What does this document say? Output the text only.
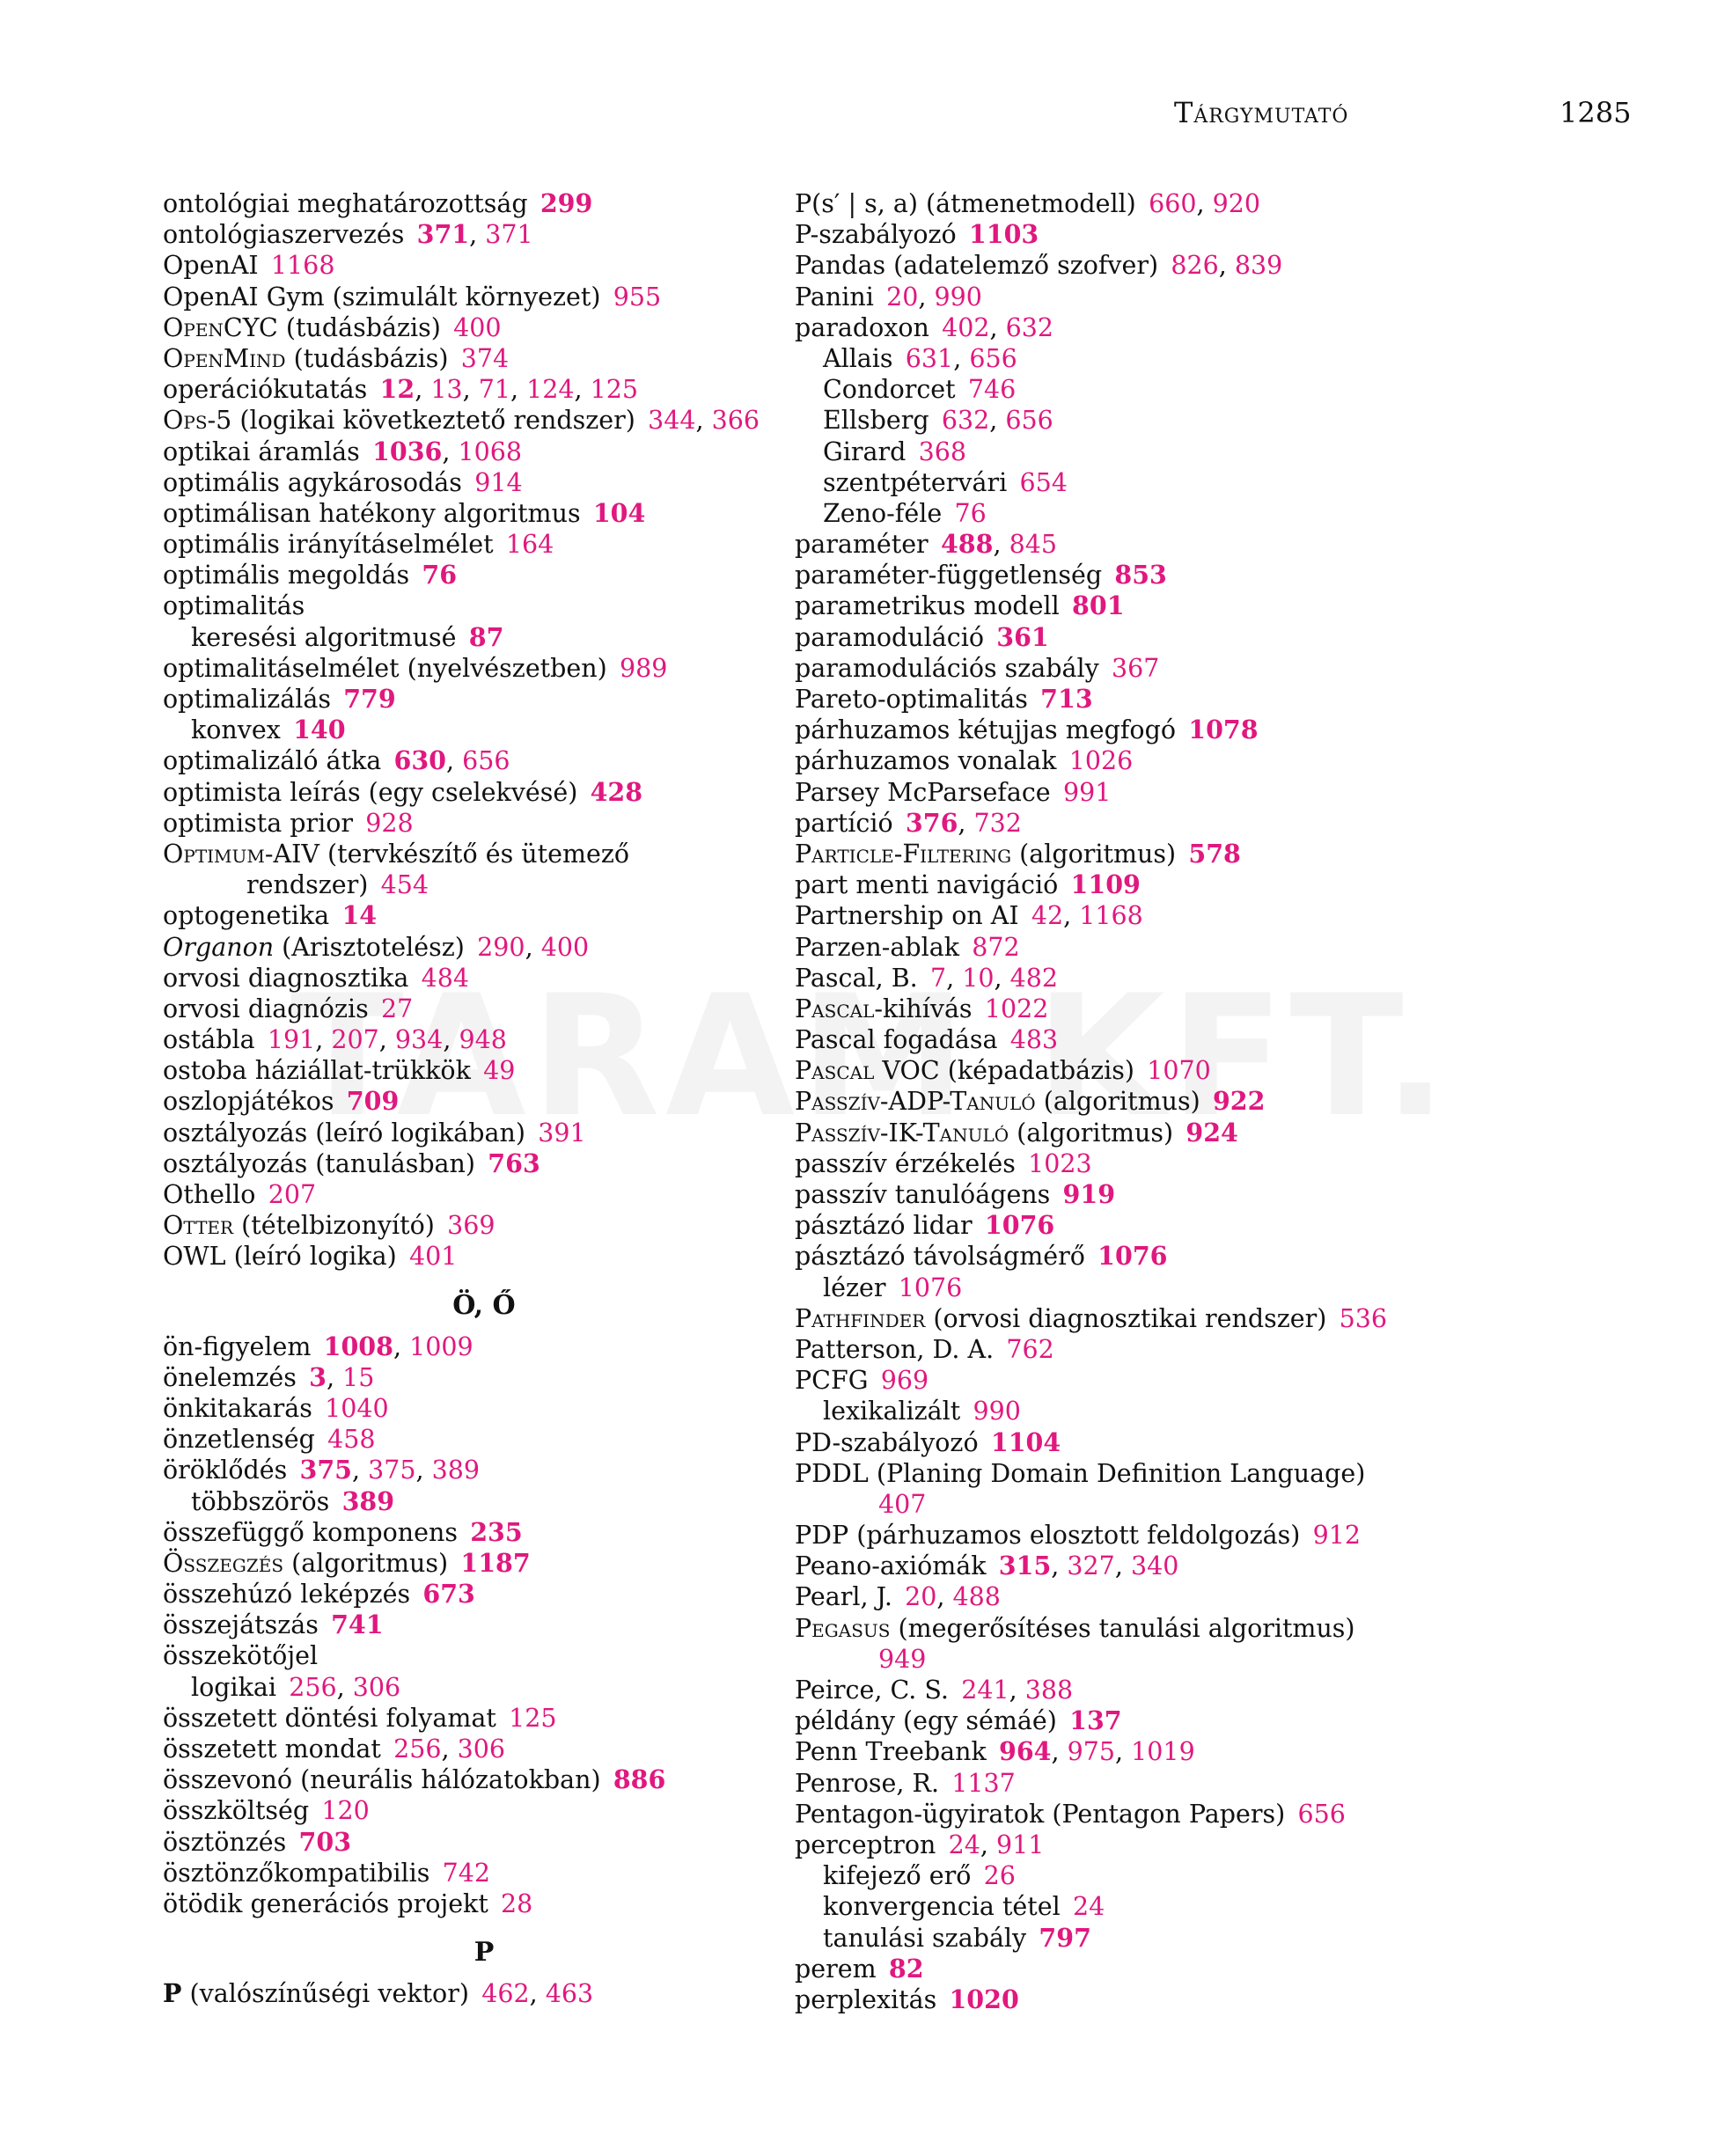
Tárgymutató	1285
ontológiai meghatározottság  299
ontológiaszervezés  371, 371
OpenAI  1168
OpenAI Gym (szimulált környezet)  955
OpenCYC (tudásbázis)  400
OpenMind (tudásbázis)  374
operációkutatás  12, 13, 71, 124, 125
Ops-5 (logikai következtető rendszer)  344, 366
optikai áramlás  1036, 1068
optimális agykárosodás  914
optimálisan hatékony algoritmus  104
optimális irányításelmélet  164
optimális megoldás  76
optimalitás
keresési algoritmusé  87
optimalitáselmélet (nyelvészetben)  989
optimalizálás  779
konvex  140
optimalizáló átka  630, 656
optimista leírás (egy cselekvésé)  428
optimista prior  928
Optimum-AIV (tervkészítő és ütemező
rendszer)  454
optogenetika  14
Organon (Arisztotelész)  290, 400
orvosi diagnosztika  484
orvosi diagnózis  27
ostábla  191, 207, 934, 948
ostoba háziállat-trükkök  49
oszlopjátékos  709
osztályozás (leíró logikában)  391
osztályozás (tanulásban)  763
Othello  207
Otter (tételbizonyító)  369
OWL (leíró logika)  401
Ö, Ő
ön-figyelem  1008, 1009
önelemzés  3, 15
önkitakarás  1040
önzetlenség  458
öröklődés  375, 375, 389
többszörös  389
összefüggő komponens  235
Összegzés (algoritmus)  1187
összehúzó leképzés  673
összejátszás  741
összekötőjel
logikai  256, 306
összetett döntési folyamat  125
összetett mondat  256, 306
összevonó (neurális hálózatokban)  886
összköltség  120
ösztönzés  703
ösztönzőkompatibilis  742
ötödik generációs projekt  28
P
P (valószínűségi vektor)  462, 463
P(s′ | s, a) (átmenetmodell)  660, 920
P-szabályozó  1103
Pandas (adatelemző szofver)  826, 839
Panini  20, 990
paradoxon  402, 632
Allais  631, 656
Condorcet  746
Ellsberg  632, 656
Girard  368
szentpétervári  654
Zeno-féle  76
paraméter  488, 845
paraméter-függetlenség  853
parametrikus modell  801
paramoduláció  361
paramodulációs szabály  367
Pareto-optimalitás  713
párhuzamos kétujjas megfogó  1078
párhuzamos vonalak  1026
Parsey McParseface  991
partíció  376, 732
Particle-Filtering (algoritmus)  578
part menti navigáció  1109
Partnership on AI  42, 1168
Parzen-ablak  872
Pascal, B.  7, 10, 482
Pascal-kihívás  1022
Pascal fogadása  483
Pascal VOC (képadatbázis)  1070
Passzív-ADP-Tanuló (algoritmus)  922
Passzív-IK-Tanuló (algoritmus)  924
passzív érzékelés  1023
passzív tanulóágens  919
pásztázó lidar  1076
pásztázó távolságmérő  1076
lézer  1076
Pathfinder (orvosi diagnosztikai rendszer)  536
Patterson, D. A.  762
PCFG  969
lexikalizált  990
PD-szabályozó  1104
PDDL (Planing Domain Definition Language)
407
PDP (párhuzamos elosztott feldolgozás)  912
Peano-axiómák  315, 327, 340
Pearl, J.  20, 488
Pegasus (megerősítéses tanulási algoritmus)
949
Peirce, C. S.  241, 388
példány (egy sémáé)  137
Penn Treebank  964, 975, 1019
Penrose, R.  1137
Pentagon-ügyiratok (Pentagon Papers)  656
perceptron  24, 911
kifejező erő  26
konvergencia tétel  24
tanulási szabály  797
perem  82
perplexitás  1020
